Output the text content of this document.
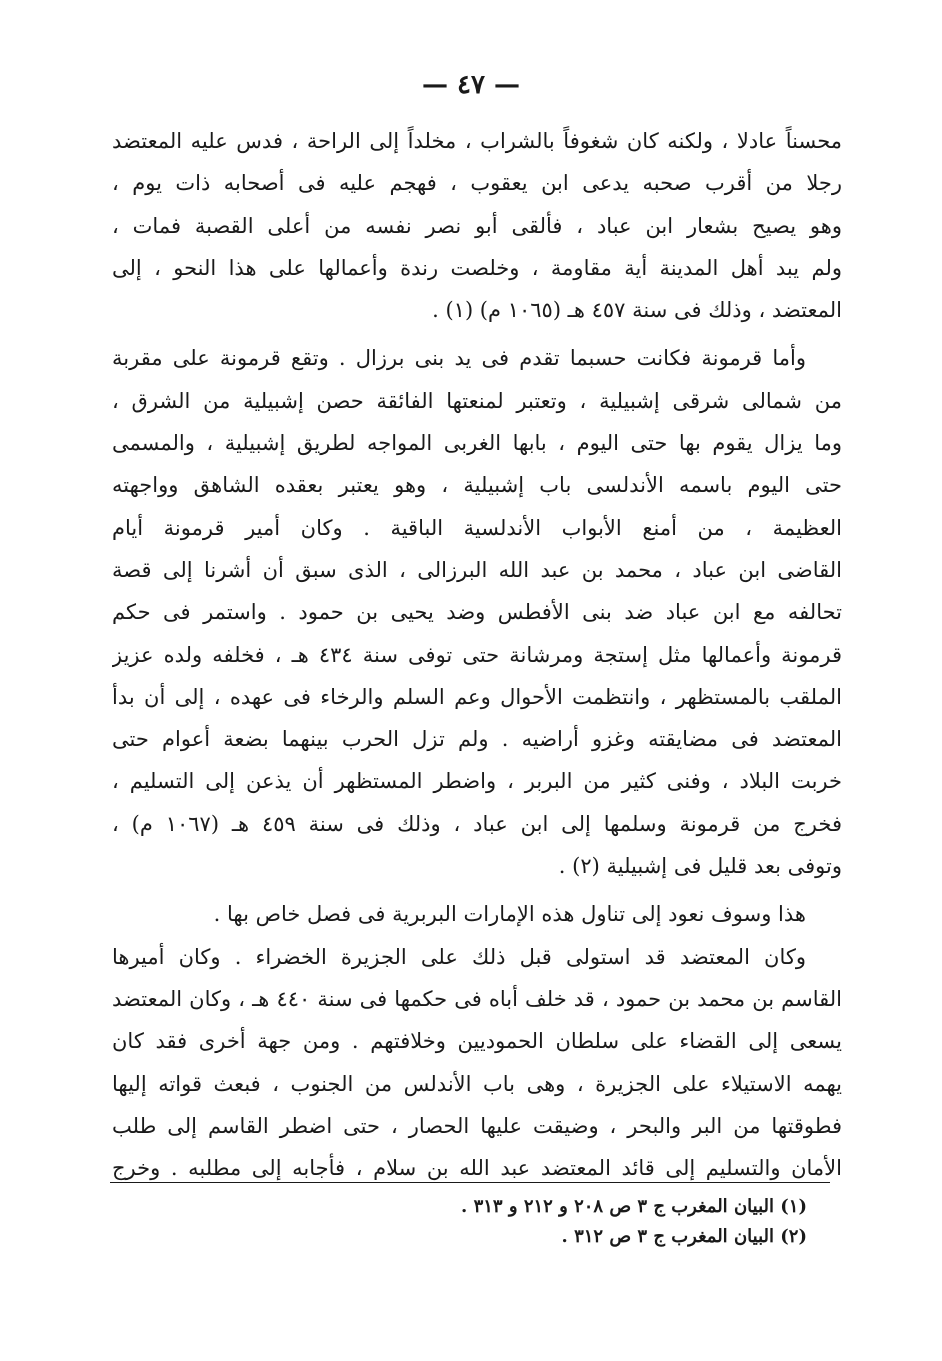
— ٤٧ —
محسناً عادلا ، ولكنه كان شغوفاً بالشراب ، مخلداً إلى الراحة ، فدس عليه المعتضد
رجلا من أقرب صحبه يدعى ابن يعقوب ، فهجم عليه فى أصحابه ذات يوم ،
وهو يصيح بشعار ابن عباد ، فألقى أبو نصر نفسه من أعلى القصبة فمات ،
ولم يبد أهل المدينة أية مقاومة ، وخلصت رندة وأعمالها على هذا النحو ، إلى
المعتضد ، وذلك فى سنة ٤٥٧ هـ (١٠٦٥ م) (١) .
وأما قرمونة فكانت حسبما تقدم فى يد بنى برزال . وتقع قرمونة على مقربة
من شمالى شرقى إشبيلية ، وتعتبر لمنعتها الفائقة حصن إشبيلية من الشرق ،
وما يزال يقوم بها حتى اليوم ، بابها الغربى المواجه لطريق إشبيلية ، والمسمى
حتى اليوم باسمه الأندلسى باب إشبيلية ، وهو يعتبر بعقده الشاهق وواجهته
العظيمة ، من أمنع الأبواب الأندلسية الباقية . وكان أمير قرمونة أيام
القاضى ابن عباد ، محمد بن عبد الله البرزالى ، الذى سبق أن أشرنا إلى قصة
تحالفه مع ابن عباد ضد بنى الأفطس وضد يحيى بن حمود . واستمر فى حكم
قرمونة وأعمالها مثل إستجة ومرشانة حتى توفى سنة ٤٣٤ هـ ، فخلفه ولده عزيز
الملقب بالمستظهر ، وانتظمت الأحوال وعم السلم والرخاء فى عهده ، إلى أن بدأ
المعتضد فى مضايقته وغزو أراضيه . ولم تزل الحرب بينهما بضعة أعوام حتى
خربت البلاد ، وفنى كثير من البربر ، واضطر المستظهر أن يذعن إلى التسليم ،
فخرج من قرمونة وسلمها إلى ابن عباد ، وذلك فى سنة ٤٥٩ هـ (١٠٦٧ م) ،
وتوفى بعد قليل فى إشبيلية (٢) .
هذا وسوف نعود إلى تناول هذه الإمارات البربرية فى فصل خاص بها .
وكان المعتضد قد استولى قبل ذلك على الجزيرة الخضراء . وكان أميرها
القاسم بن محمد بن حمود ، قد خلف أباه فى حكمها فى سنة ٤٤٠ هـ ، وكان المعتضد
يسعى إلى القضاء على سلطان الحموديين وخلافتهم . ومن جهة أخرى فقد كان
يهمه الاستيلاء على الجزيرة ، وهى باب الأندلس من الجنوب ، فبعث قواته إليها
فطوقتها من البر والبحر ، وضيقت عليها الحصار ، حتى اضطر القاسم إلى طلب
الأمان والتسليم إلى قائد المعتضد عبد الله بن سلام ، فأجابه إلى مطلبه . وخرج
(١) البيان المغرب ج ٣ ص ٢٠٨ و ٢١٢ و ٣١٣ .
(٢) البيان المغرب ج ٣ ص ٣١٢ .
